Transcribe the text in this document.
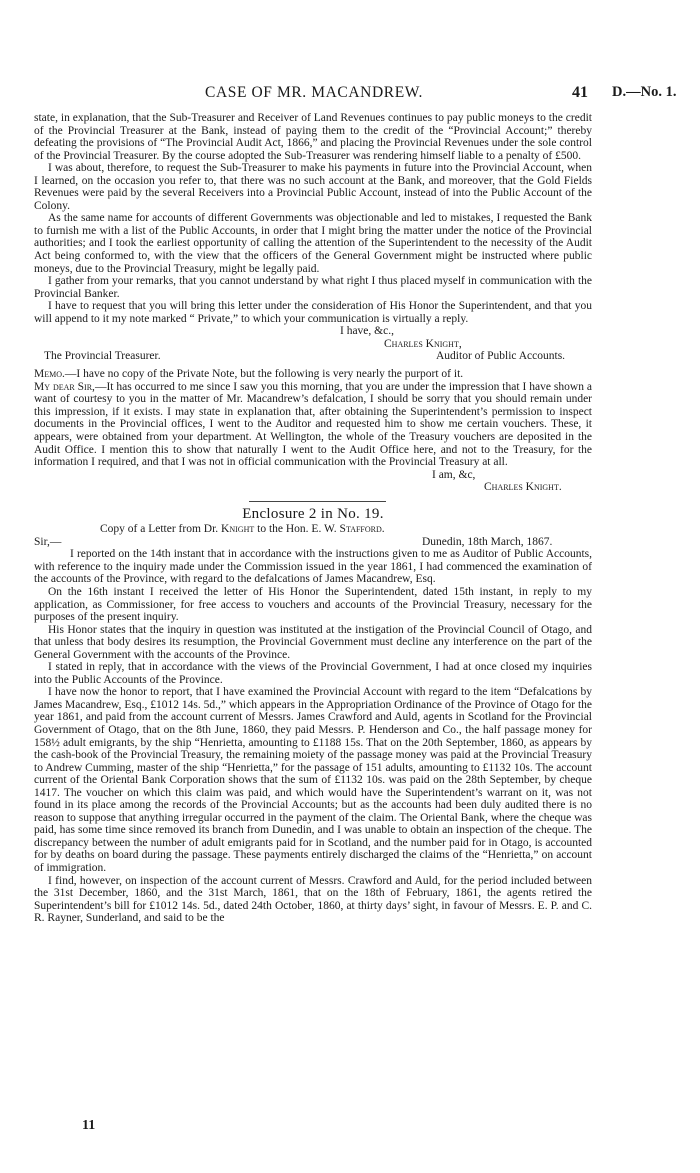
CASE OF MR. MACANDREW.	41 D.—No. 1.

state, in explanation, that the Sub-Treasurer and Receiver of Land Revenues continues to pay public moneys to the credit of the Provincial Treasurer at the Bank, instead of paying them to the credit of the “Provincial Account;” thereby defeating the provisions of “The Provincial Audit Act, 1866,” and placing the Provincial Revenues under the sole control of the Provincial Treasurer. By the course adopted the Sub-Treasurer was rendering himself liable to a penalty of £500.

I was about, therefore, to request the Sub-Treasurer to make his payments in future into the Provincial Account, when I learned, on the occasion you refer to, that there was no such account at the Bank, and moreover, that the Gold Fields Revenues were paid by the several Receivers into a Provincial Public Account, instead of into the Public Account of the Colony.

As the same name for accounts of different Governments was objectionable and led to mistakes, I requested the Bank to furnish me with a list of the Public Accounts, in order that I might bring the matter under the notice of the Provincial authorities; and I took the earliest opportunity of calling the attention of the Superintendent to the necessity of the Audit Act being conformed to, with the view that the officers of the General Government might be instructed where public moneys, due to the Provincial Treasury, might be legally paid.

I gather from your remarks, that you cannot understand by what right I thus placed myself in communication with the Provincial Banker.

I have to request that you will bring this letter under the consideration of His Honor the Superintendent, and that you will append to it my note marked “ Private,” to which your communication is virtually a reply.

I have, &c.,
Charles Knight,
The Provincial Treasurer.	Auditor of Public Accounts.

Memo.—I have no copy of the Private Note, but the following is very nearly the purport of it.

My dear Sir,—It has occurred to me since I saw you this morning, that you are under the impression that I have shown a want of courtesy to you in the matter of Mr. Macandrew’s defalcation, I should be sorry that you should remain under this impression, if it exists. I may state in explanation that, after obtaining the Superintendent’s permission to inspect documents in the Provincial offices, I went to the Auditor and requested him to show me certain vouchers. These, it appears, were obtained from your department. At Wellington, the whole of the Treasury vouchers are deposited in the Audit Office. I mention this to show that naturally I went to the Audit Office here, and not to the Treasury, for the information I required, and that I was not in official communication with the Provincial Treasury at all.

I am, &c,
Charles Knight.
Enclosure 2 in No. 19.

Copy of a Letter from Dr. Knight to the Hon. E. W. Stafford.

Sir,—	Dunedin, 18th March, 1867.

I reported on the 14th instant that in accordance with the instructions given to me as Auditor of Public Accounts, with reference to the inquiry made under the Commission issued in the year 1861, I had commenced the examination of the accounts of the Province, with regard to the defalcations of James Macandrew, Esq.

On the 16th instant I received the letter of His Honor the Superintendent, dated 15th instant, in reply to my application, as Commissioner, for free access to vouchers and accounts of the Provincial Treasury, necessary for the purposes of the present inquiry.

His Honor states that the inquiry in question was instituted at the instigation of the Provincial Council of Otago, and that unless that body desires its resumption, the Provincial Government must decline any interference on the part of the General Government with the accounts of the Province.

I stated in reply, that in accordance with the views of the Provincial Government, I had at once closed my inquiries into the Public Accounts of the Province.

I have now the honor to report, that I have examined the Provincial Account with regard to the item “Defalcations by James Macandrew, Esq., £1012 14s. 5d.,” which appears in the Appropriation Ordinance of the Province of Otago for the year 1861, and paid from the account current of Messrs. James Crawford and Auld, agents in Scotland for the Provincial Government of Otago, that on the 8th June, 1860, they paid Messrs. P. Henderson and Co., the half passage money for 158½ adult emigrants, by the ship “Henrietta, amounting to £1188 15s. That on the 20th September, 1860, as appears by the cash-book of the Provincial Treasury, the remaining moiety of the passage money was paid at the Provincial Treasury to Andrew Cumming, master of the ship “Henrietta,” for the passage of 151 adults, amounting to £1132 10s. The account current of the Oriental Bank Corporation shows that the sum of £1132 10s. was paid on the 28th September, by cheque 1417. The voucher on which this claim was paid, and which would have the Superintendent’s warrant on it, was not found in its place among the records of the Provincial Accounts; but as the accounts had been duly audited there is no reason to suppose that anything irregular occurred in the payment of the claim. The Oriental Bank, where the cheque was paid, has some time since removed its branch from Dunedin, and I was unable to obtain an inspection of the cheque. The discrepancy between the number of adult emigrants paid for in Scotland, and the number paid for in Otago, is accounted for by deaths on board during the passage. These payments entirely discharged the claims of the “Henrietta,” on account of immigration.

I find, however, on inspection of the account current of Messrs. Crawford and Auld, for the period included between the 31st December, 1860, and the 31st March, 1861, that on the 18th of February, 1861, the agents retired the Superintendent’s bill for £1012 14s. 5d., dated 24th October, 1860, at thirty days’ sight, in favour of Messrs. E. P. and C. R. Rayner, Sunderland, and said to be the

11
